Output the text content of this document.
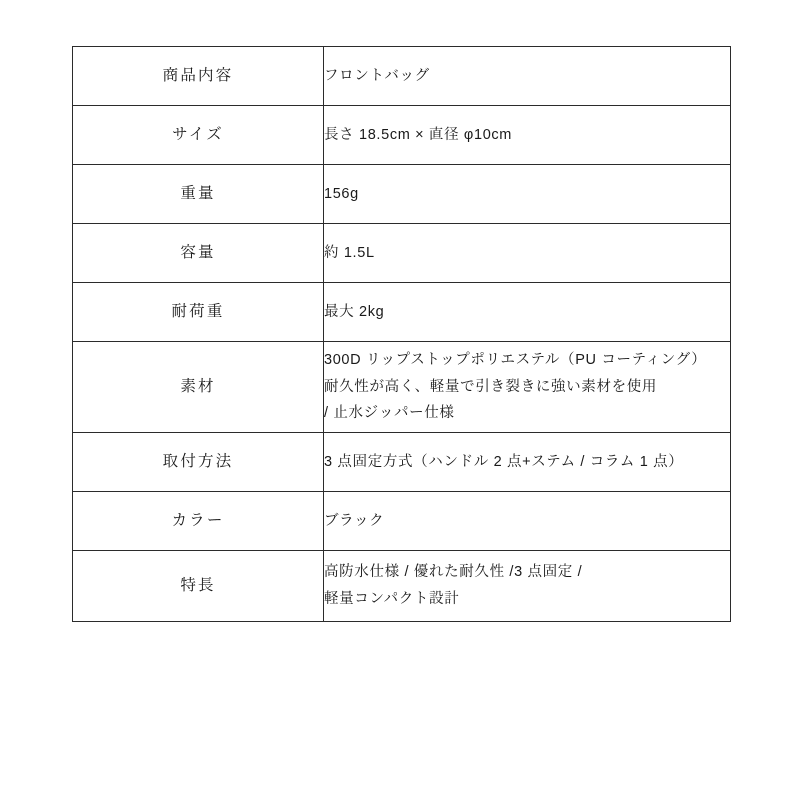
商品内容	フロントバッグ

サイズ	長さ 18.5cm × 直径 φ10cm

重量	156g

容量	約 1.5L

耐荷重	最大 2kg

素材	300D リップストップポリエステル（PU コーティング）
耐久性が高く、軽量で引き裂きに強い素材を使用
/ 止水ジッパー仕様

取付方法	3 点固定方式（ハンドル 2 点+ステム / コラム 1 点）

カラー	ブラック

特長	高防水仕様 / 優れた耐久性 /3 点固定 /
軽量コンパクト設計
